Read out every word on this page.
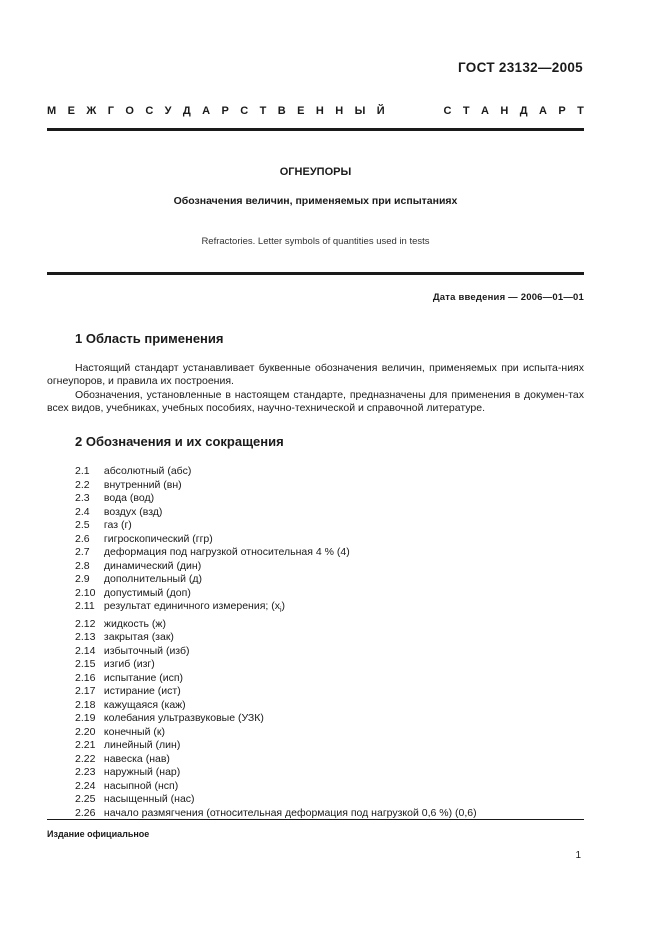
ГОСТ 23132—2005
М Е Ж Г О С У Д А Р С Т В Е Н Н Ы Й	С Т А Н Д А Р Т
ОГНЕУПОРЫ
Обозначения величин, применяемых при испытаниях
Refractories. Letter symbols of quantities used in tests
Дата введения — 2006—01—01
1 Область применения

Настоящий стандарт устанавливает буквенные обозначения величин, применяемых при испыта-ниях огнеупоров, и правила их построения.

Обозначения, установленные в настоящем стандарте, предназначены для применения в докумен-тах всех видов, учебниках, учебных пособиях, научно-технической и справочной литературе.

2 Обозначения и их сокращения
2.1 абсолютный (абс)
2.2 внутренний (вн)
2.3 вода (вод)
2.4 воздух (взд)
2.5 газ (г)
2.6 гигроскопический (ггр)
2.7 деформация под нагрузкой относительная 4 % (4)
2.8 динамический (дин)
2.9 дополнительный (д)
2.10 допустимый (доп)
2.11 результат единичного измерения; $(x_i)$
2.12 жидкость (ж)
2.13 закрытая (зак)
2.14 избыточный (изб)
2.15 изгиб (изг)
2.16 испытание (исп)
2.17 истирание (ист)
2.18 кажущаяся (каж)
2.19 колебания ультразвуковые (УЗК)
2.20 конечный (к)
2.21 линейный (лин)
2.22 навеска (нав)
2.23 наружный (нар)
2.24 насыпной (нсп)
2.25 насыщенный (нас)
2.26 начало размягчения (относительная деформация под нагрузкой 0,6 %) (0,6)
Издание официальное
1
